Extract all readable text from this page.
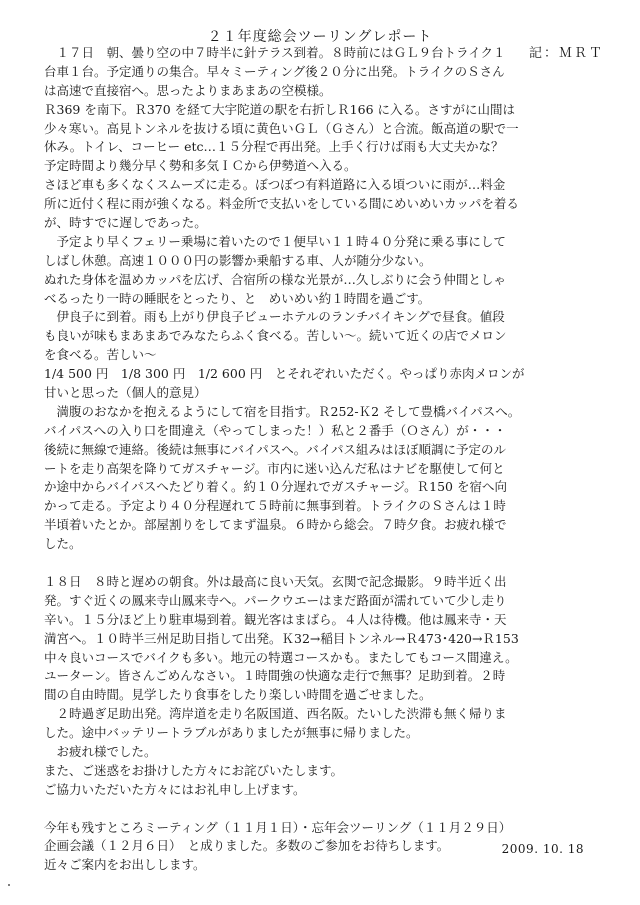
２１年度総会ツーリングレポート
記：ＭＲＴ
　１７日　朝、曇り空の中７時半に針テラス到着。８時前にはＧＬ９台トライク１
台車１台。予定通りの集合。早々ミーティング後２０分に出発。トライクのＳさん
は高速で直接宿へ。思ったよりまあまあの空模様。
Ｒ369 を南下。Ｒ370 を経て大宇陀道の駅を右折しＲ166 に入る。さすがに山間は
少々寒い。高見トンネルを抜ける頃に黄色いＧＬ（Ｇさん）と合流。飯高道の駅で一
休み。トイレ、コーヒー etc…１５分程で再出発。上手く行けば雨も大丈夫かな？
予定時間より幾分早く勢和多気ＩＣから伊勢道へ入る。
さほど車も多くなくスムーズに走る。ぼつぼつ有料道路に入る頃ついに雨が…料金
所に近付く程に雨が強くなる。料金所で支払いをしている間にめいめいカッパを着る
が、時すでに遅しであった。
　予定より早くフェリー乗場に着いたので１便早い１１時４０分発に乗る事にして
しばし休憩。高速１０００円の影響か乗船する車、人が随分少ない。
ぬれた身体を温めカッパを広げ、合宿所の様な光景が…久しぶりに会う仲間としゃ
べるったり一時の睡眠をとったり、と　めいめい約１時間を過ごす。
　伊良子に到着。雨も上がり伊良子ビューホテルのランチバイキングで昼食。値段
も良いが味もまあまあでみなたらふく食べる。苦しい～。続いて近くの店でメロン
を食べる。苦しい～
1/4 500 円　1/8 300 円　1/2 600 円　とそれぞれいただく。やっぱり赤肉メロンが
甘いと思った（個人的意見）
　満腹のおなかを抱えるようにして宿を目指す。Ｒ252-Ｋ2 そして豊橋バイパスへ。
バイパスへの入り口を間違え（やってしまった！）私と２番手（Ｏさん）が・・・
後続に無線で連絡。後続は無事にバイパスへ。バイパス組みはほぼ順調に予定のル
ートを走り高架を降りてガスチャージ。市内に迷い込んだ私はナビを駆使して何と
か途中からバイパスへたどり着く。約１０分遅れでガスチャージ。Ｒ150 を宿へ向
かって走る。予定より４０分程遅れて５時前に無事到着。トライクのＳさんは１時
半頃着いたとか。部屋割りをしてまず温泉。６時から総会。７時夕食。お疲れ様で
した。
１８日　８時と遅めの朝食。外は最高に良い天気。玄関で記念撮影。９時半近く出
発。すぐ近くの鳳来寺山鳳来寺へ。パークウエーはまだ路面が濡れていて少し走り
辛い。１５分ほど上り駐車場到着。観光客はまばら。４人は待機。他は鳳来寺・天
満宮へ。１０時半三州足助目指して出発。Ｋ32→稲目トンネル→Ｒ473･420→Ｒ153
中々良いコースでバイクも多い。地元の特選コースかも。またしてもコース間違え。
ユーターン。皆さんごめんなさい。１時間強の快適な走行で無事？足助到着。２時
間の自由時間。見学したり食事をしたり楽しい時間を過ごせました。
　２時過ぎ足助出発。湾岸道を走り名阪国道、西名阪。たいした渋滞も無く帰りま
した。途中バッテリートラブルがありましたが無事に帰りました。
　お疲れ様でした。
また、ご迷惑をお掛けした方々にお詫びいたします。
ご協力いただいた方々にはお礼申し上げます。
今年も残すところミーティング（１１月１日）・忘年会ツーリング（１１月２９日）
企画会議（１２月６日）　と成りました。多数のご参加をお待ちします。
近々ご案内をお出しします。
2009. 10. 18
